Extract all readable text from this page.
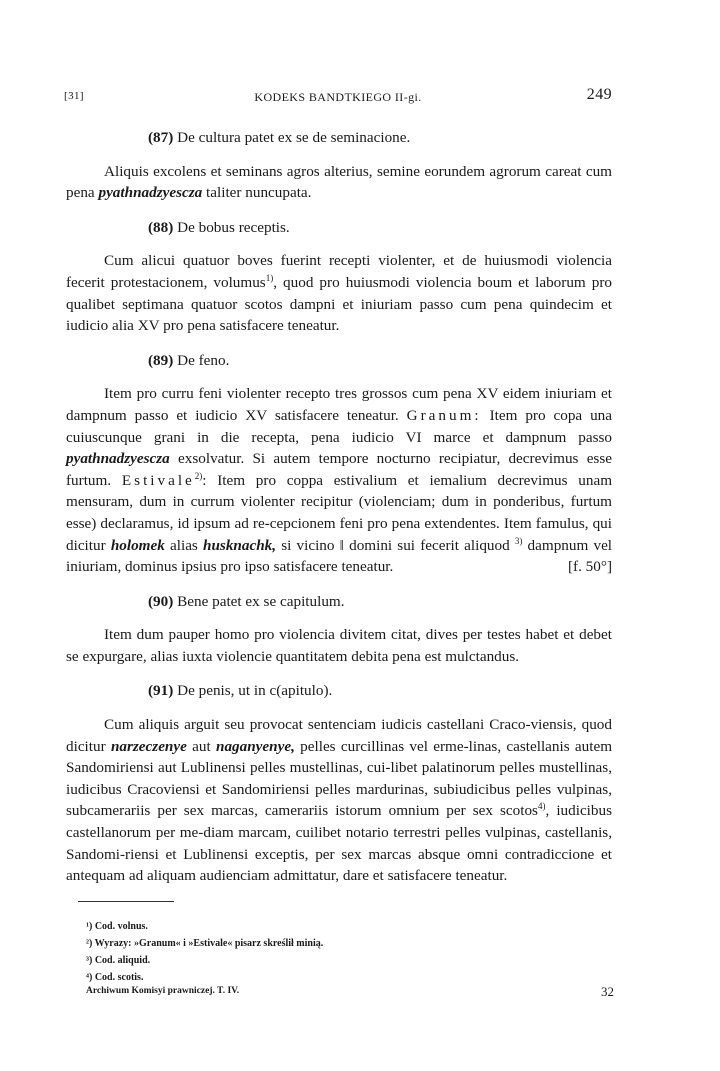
[31]	KODEKS BANDTKIEGO II-gi.	249

(87) De cultura patet ex se de seminacione.

Aliquis excolens et seminans agros alterius, semine eorundem agrorum careat cum pena pyathnadzyescza taliter nuncupata.

(88) De bobus receptis.

Cum alicui quatuor boves fuerint recepti violenter, et de huiusmodi violencia fecerit protestacionem, volumus$^{1)}$, quod pro huiusmodi violencia boum et laborum pro qualibet septimana quatuor scotos dampni et iniuriam passo cum pena quindecim et iudicio alia XV pro pena satisfacere teneatur.

(89) De feno.

Item pro curru feni violenter recepto tres grossos cum pena XV eidem iniuriam et dampnum passo et iudicio XV satisfacere teneatur. Granum: Item pro copa una cuiuscunque grani in die recepta, pena iudicio VI marce et dampnum passo pyathnadzyescza exsolvatur. Si autem tempore nocturno recipiatur, decrevimus esse furtum. Estivale$^{2)}$: Item pro coppa estivalium et iemalium decrevimus unam mensuram, dum in currum violenter recipitur (violenciam; dum in ponderibus, furtum esse) declaramus, id ipsum ad re-cepcionem feni pro pena extendentes. Item famulus, qui dicitur holomek alias husknachk, si vicino ‖ domini sui fecerit aliquod $^{3)}$ dampnum
[f. 50°]
vel iniuriam, dominus ipsius pro ipso satisfacere teneatur.

(90) Bene patet ex se capitulum.

Item dum pauper homo pro violencia divitem citat, dives per testes habet et debet se expurgare, alias iuxta violencie quantitatem debita pena est mulctandus.

(91) De penis, ut in c(apitulo).

Cum aliquis arguit seu provocat sentenciam iudicis castellani Craco-viensis, quod dicitur narzeczenye aut naganyenye, pelles curcillinas vel erme-linas, castellanis autem Sandomiriensi aut Lublinensi pelles mustellinas, cui-libet palatinorum pelles mustellinas, iudicibus Cracoviensi et Sandomiriensi pelles mardurinas, subiudicibus pelles vulpinas, subcamerariis per sex marcas, camerariis istorum omnium per sex scotos$^{4)}$, iudicibus castellanorum per me-diam marcam, cuilibet notario terrestri pelles vulpinas, castellanis, Sandomi-riensi et Lublinensi exceptis, per sex marcas absque omni contradiccione et antequam ad aliquam audienciam admittatur, dare et satisfacere teneatur.

¹) Cod. volnus.
²) Wyrazy: »Granum« i »Estivale« pisarz skreślił minią.
³) Cod. aliquid.
⁴) Cod. scotis.
Archiwum Komisyi prawniczej. T. IV.	32
